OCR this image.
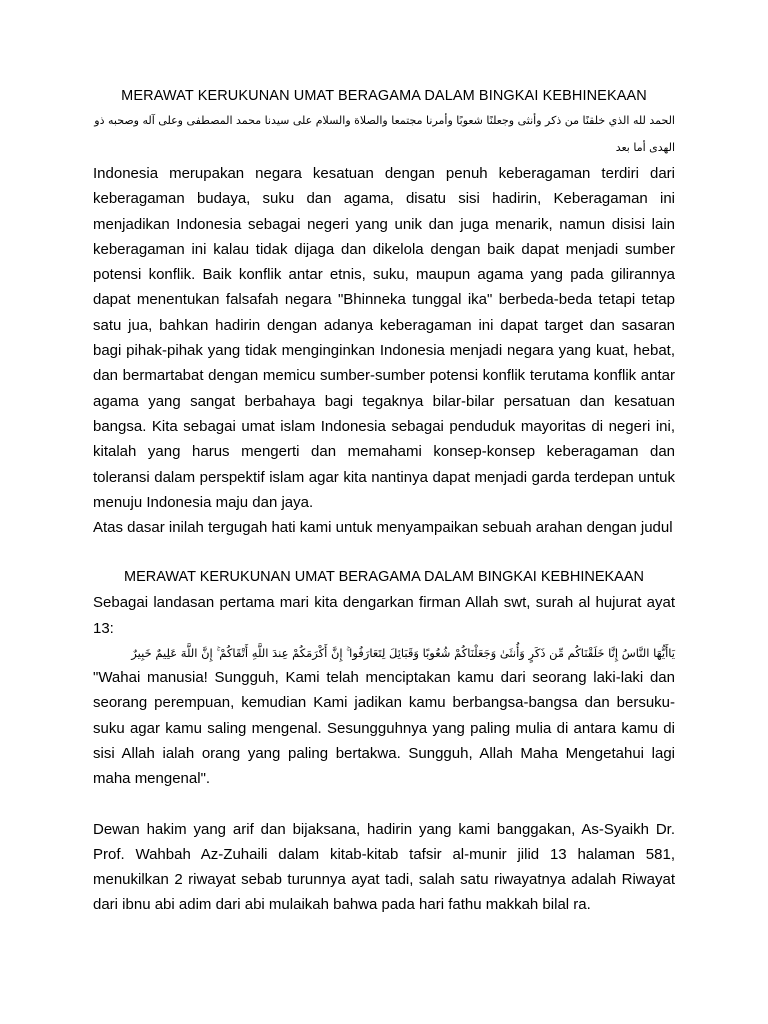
MERAWAT KERUKUNAN UMAT BERAGAMA DALAM BINGKAI KEBHINEKAAN

الحمد لله الذي خلقنًا من ذكر وأنثى وجعلنًا شعوبًا وأمرنا مجتمعا والصلاة والسلام على سيدنا محمد المصطفى وعلى آله وصحبه ذو الهدى أما بعد

Indonesia merupakan negara kesatuan dengan penuh keberagaman terdiri dari keberagaman budaya, suku dan agama, disatu sisi hadirin, Keberagaman ini menjadikan Indonesia sebagai negeri yang unik dan juga menarik, namun disisi lain keberagaman ini kalau tidak dijaga dan dikelola dengan baik dapat menjadi sumber potensi konflik. Baik konflik antar etnis, suku, maupun agama yang pada gilirannya dapat menentukan falsafah negara "Bhinneka tunggal ika" berbeda-beda tetapi tetap satu jua, bahkan hadirin dengan adanya keberagaman ini dapat target dan sasaran bagi pihak-pihak yang tidak menginginkan Indonesia menjadi negara yang kuat, hebat, dan bermartabat dengan memicu sumber-sumber potensi konflik terutama konflik antar agama yang sangat berbahaya bagi tegaknya bilar-bilar persatuan dan kesatuan bangsa. Kita sebagai umat islam Indonesia sebagai penduduk mayoritas di negeri ini, kitalah yang harus mengerti dan memahami konsep-konsep keberagaman dan toleransi dalam perspektif islam agar kita nantinya dapat menjadi garda terdepan untuk menuju Indonesia maju dan jaya.

Atas dasar inilah tergugah hati kami untuk menyampaikan sebuah arahan dengan judul

MERAWAT KERUKUNAN UMAT BERAGAMA DALAM BINGKAI KEBHINEKAAN

Sebagai landasan pertama mari kita dengarkan firman Allah swt, surah al hujurat ayat 13:

يَاأَيُّهَا النَّاسُ إِنَّا خَلَقْنَاكُم مِّن ذَكَرٍ وَأُنثَىٰ وَجَعَلْنَاكُمْ شُعُوبًا وَقَبَائِلَ لِتَعَارَفُوا ۚ إِنَّ أَكْرَمَكُمْ عِندَ اللَّهِ أَتْقَاكُمْ ۚ إِنَّ اللَّهَ عَلِيمٌ خَبِيرٌ

"Wahai manusia! Sungguh, Kami telah menciptakan kamu dari seorang laki-laki dan seorang perempuan, kemudian Kami jadikan kamu berbangsa-bangsa dan bersuku-suku agar kamu saling mengenal. Sesungguhnya yang paling mulia di antara kamu di sisi Allah ialah orang yang paling bertakwa. Sungguh, Allah Maha Mengetahui lagi maha mengenal".

Dewan hakim yang arif dan bijaksana, hadirin yang kami banggakan, As-Syaikh Dr. Prof. Wahbah Az-Zuhaili dalam kitab-kitab tafsir al-munir jilid 13 halaman 581, menukilkan 2 riwayat sebab turunnya ayat tadi, salah satu riwayatnya adalah Riwayat dari ibnu abi adim dari abi mulaikah bahwa pada hari fathu makkah bilal ra.
